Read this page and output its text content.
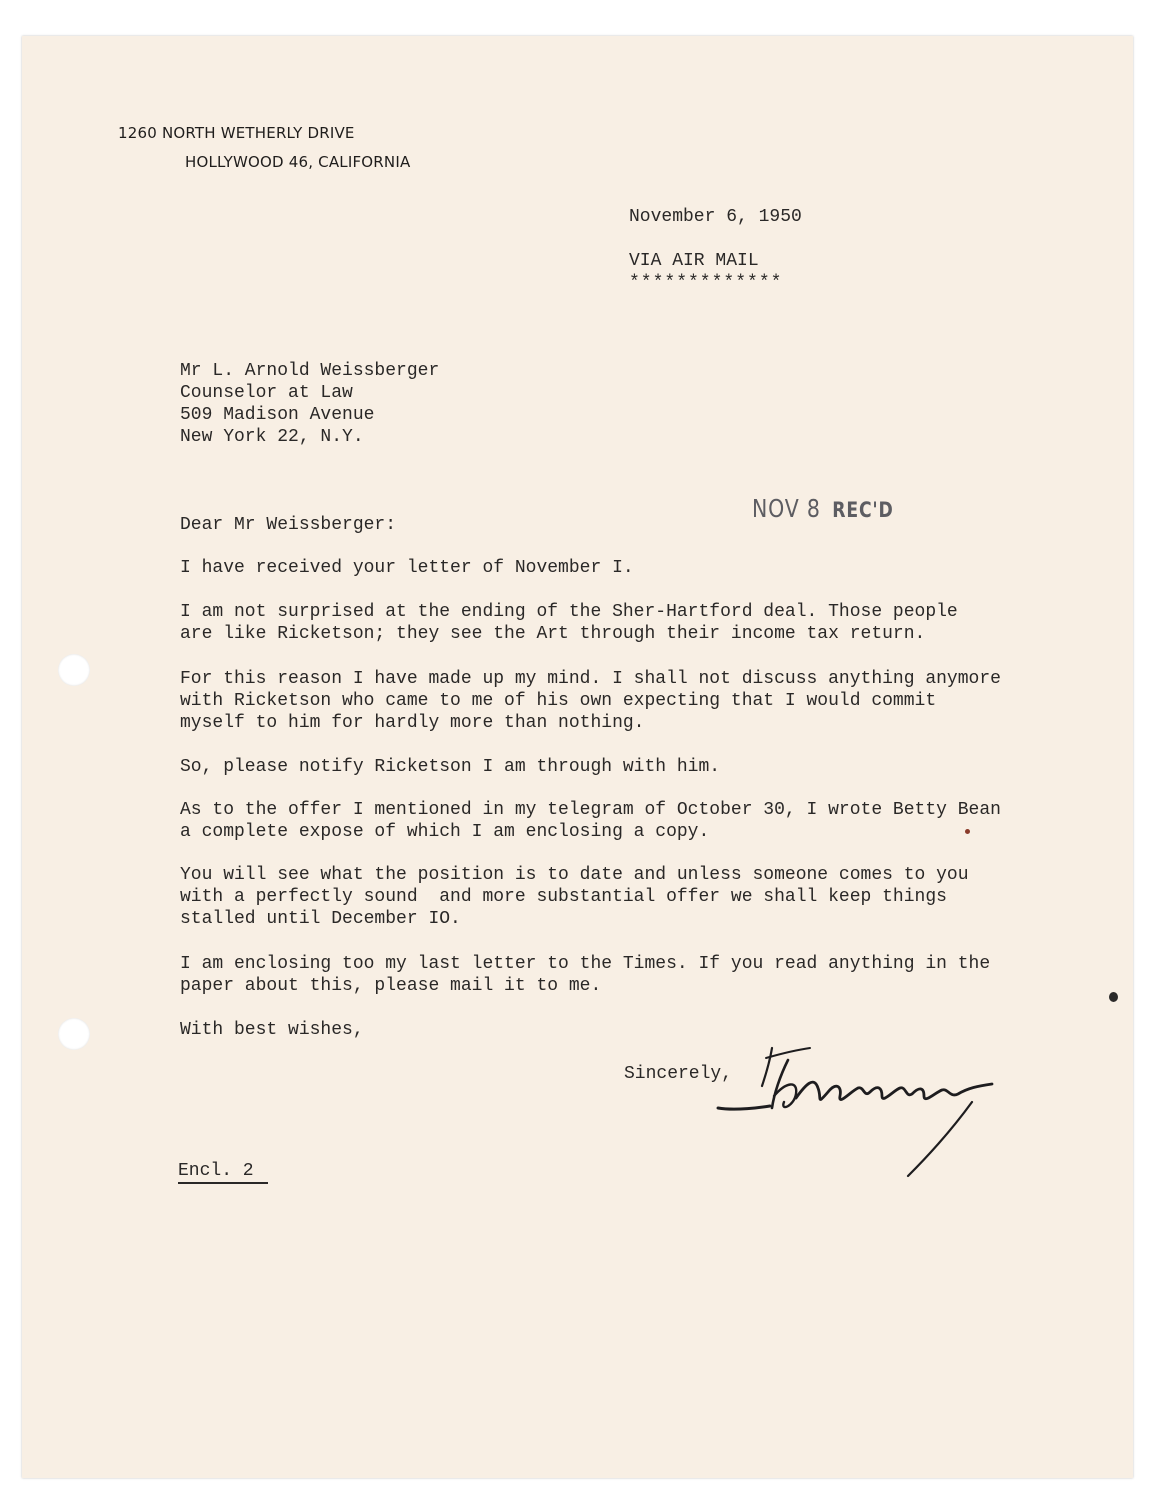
1260 NORTH WETHERLY DRIVE
HOLLYWOOD 46, CALIFORNIA
November 6, 1950
VIA AIR MAIL
*************
Mr L. Arnold Weissberger
Counselor at Law
509 Madison Avenue
New York 22, N.Y.
NOV 8 REC'D
Dear Mr Weissberger:
I have received your letter of November I.
I am not surprised at the ending of the Sher-Hartford deal. Those people
are like Ricketson; they see the Art through their income tax return.
For this reason I have made up my mind. I shall not discuss anything anymore
with Ricketson who came to me of his own expecting that I would commit
myself to him for hardly more than nothing.
So, please notify Ricketson I am through with him.
As to the offer I mentioned in my telegram of October 30, I wrote Betty Bean
a complete expose of which I am enclosing a copy.
You will see what the position is to date and unless someone comes to you
with a perfectly sound  and more substantial offer we shall keep things
stalled until December IO.
I am enclosing too my last letter to the Times. If you read anything in the
paper about this, please mail it to me.
With best wishes,
Sincerely,
Encl. 2
